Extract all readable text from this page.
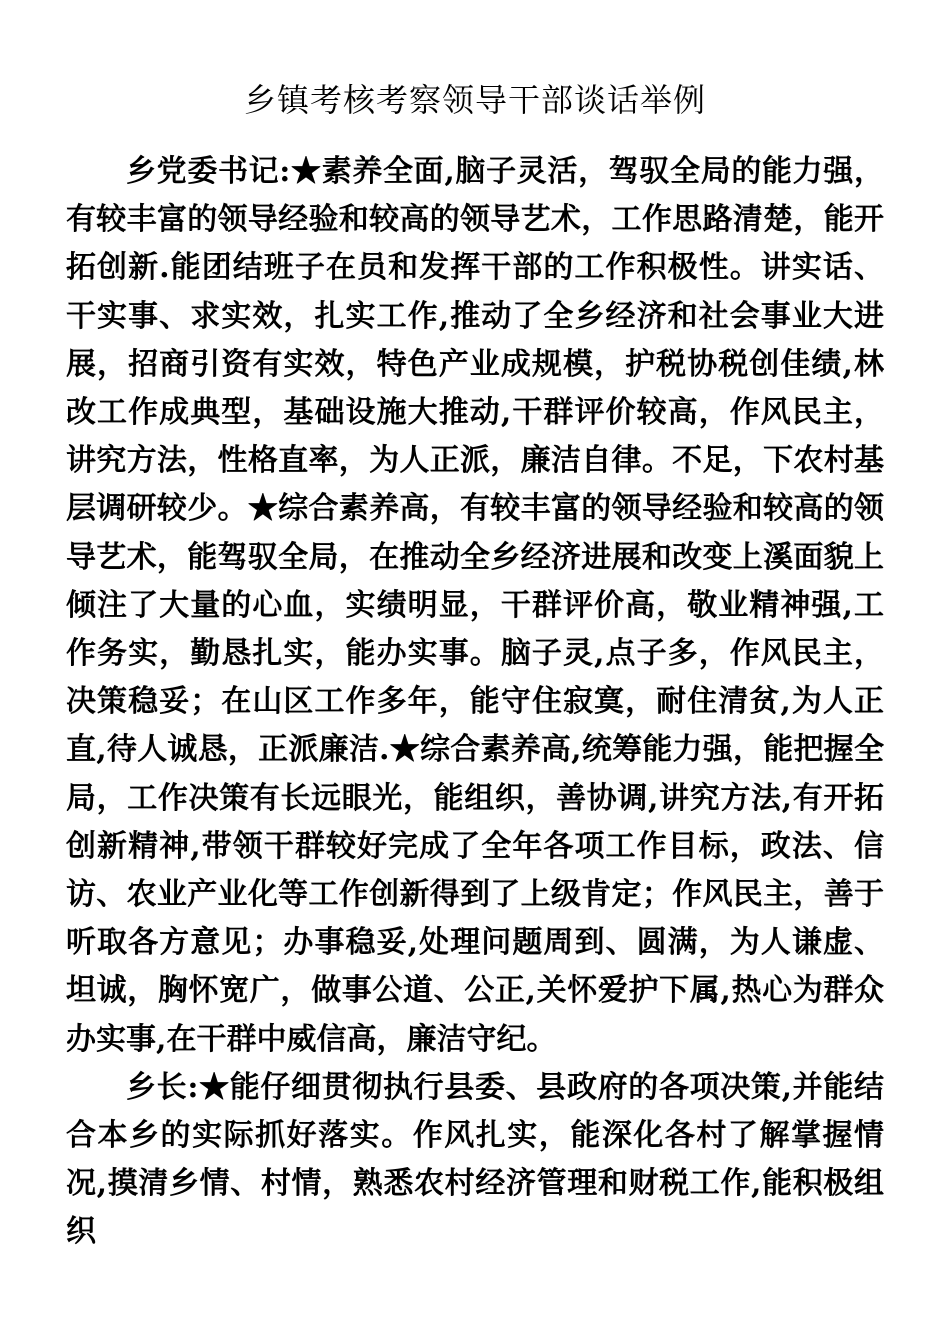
乡镇考核考察领导干部谈话举例

乡党委书记:★素养全面,脑子灵活，驾驭全局的能力强，有较丰富的领导经验和较高的领导艺术，工作思路清楚，能开拓创新.能团结班子在员和发挥干部的工作积极性。讲实话、干实事、求实效，扎实工作,推动了全乡经济和社会事业大进展，招商引资有实效，特色产业成规模，护税协税创佳绩,林改工作成典型，基础设施大推动,干群评价较高，作风民主，讲究方法，性格直率，为人正派，廉洁自律。不足，下农村基层调研较少。★综合素养高，有较丰富的领导经验和较高的领导艺术，能驾驭全局，在推动全乡经济进展和改变上溪面貌上倾注了大量的心血，实绩明显，干群评价高，敬业精神强,工作务实，勤恳扎实，能办实事。脑子灵,点子多，作风民主，决策稳妥；在山区工作多年，能守住寂寞，耐住清贫,为人正直,待人诚恳，正派廉洁.★综合素养高,统筹能力强，能把握全局，工作决策有长远眼光，能组织，善协调,讲究方法,有开拓创新精神,带领干群较好完成了全年各项工作目标，政法、信访、农业产业化等工作创新得到了上级肯定；作风民主，善于听取各方意见；办事稳妥,处理问题周到、圆满，为人谦虚、坦诚，胸怀宽广，做事公道、公正,关怀爱护下属,热心为群众办实事,在干群中威信高，廉洁守纪。

乡长:★能仔细贯彻执行县委、县政府的各项决策,并能结合本乡的实际抓好落实。作风扎实，能深化各村了解掌握情况,摸清乡情、村情，熟悉农村经济管理和财税工作,能积极组织
